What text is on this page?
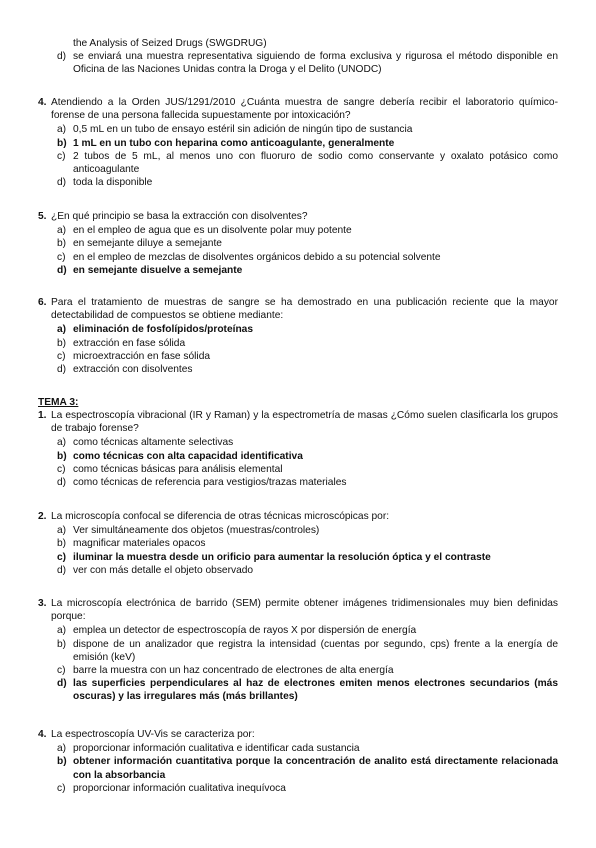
the Analysis of Seized Drugs (SWGDRUG)
d) se enviará una muestra representativa siguiendo de forma exclusiva y rigurosa el método disponible en Oficina de las Naciones Unidas contra la Droga y el Delito (UNODC)
4. Atendiendo a la Orden JUS/1291/2010 ¿Cuánta muestra de sangre debería recibir el laboratorio químico-forense de una persona fallecida supuestamente por intoxicación?
a) 0,5 mL en un tubo de ensayo estéril sin adición de ningún tipo de sustancia
b) 1 mL en un tubo con heparina como anticoagulante, generalmente
c) 2 tubos de 5 mL, al menos uno con fluoruro de sodio como conservante y oxalato potásico como anticoagulante
d) toda la disponible
5. ¿En qué principio se basa la extracción con disolventes?
a) en el empleo de agua que es un disolvente polar muy potente
b) en semejante diluye a semejante
c) en el empleo de mezclas de disolventes orgánicos debido a su potencial solvente
d) en semejante disuelve a semejante
6. Para el tratamiento de muestras de sangre se ha demostrado en una publicación reciente que la mayor detectabilidad de compuestos se obtiene mediante:
a) eliminación de fosfolípidos/proteínas
b) extracción en fase sólida
c) microextracción en fase sólida
d) extracción con disolventes
TEMA 3:
1. La espectroscopía vibracional (IR y Raman) y la espectrometría de masas ¿Cómo suelen clasificarla los grupos de trabajo forense?
a) como técnicas altamente selectivas
b) como técnicas con alta capacidad identificativa
c) como técnicas básicas para análisis elemental
d) como técnicas de referencia para vestigios/trazas materiales
2. La microscopía confocal se diferencia de otras técnicas microscópicas por:
a) Ver simultáneamente dos objetos (muestras/controles)
b) magnificar materiales opacos
c) iluminar la muestra desde un orificio para aumentar la resolución óptica y el contraste
d) ver con más detalle el objeto observado
3. La microscopía electrónica de barrido (SEM) permite obtener imágenes tridimensionales muy bien definidas porque:
a) emplea un detector de espectroscopía de rayos X por dispersión de energía
b) dispone de un analizador que registra la intensidad (cuentas por segundo, cps) frente a la energía de emisión (keV)
c) barre la muestra con un haz concentrado de electrones de alta energía
d) las superficies perpendiculares al haz de electrones emiten menos electrones secundarios (más oscuras) y las irregulares más (más brillantes)
4. La espectroscopía UV-Vis se caracteriza por:
a) proporcionar información cualitativa e identificar cada sustancia
b) obtener información cuantitativa porque la concentración de analito está directamente relacionada con la absorbancia
c) proporcionar información cualitativa inequívoca
